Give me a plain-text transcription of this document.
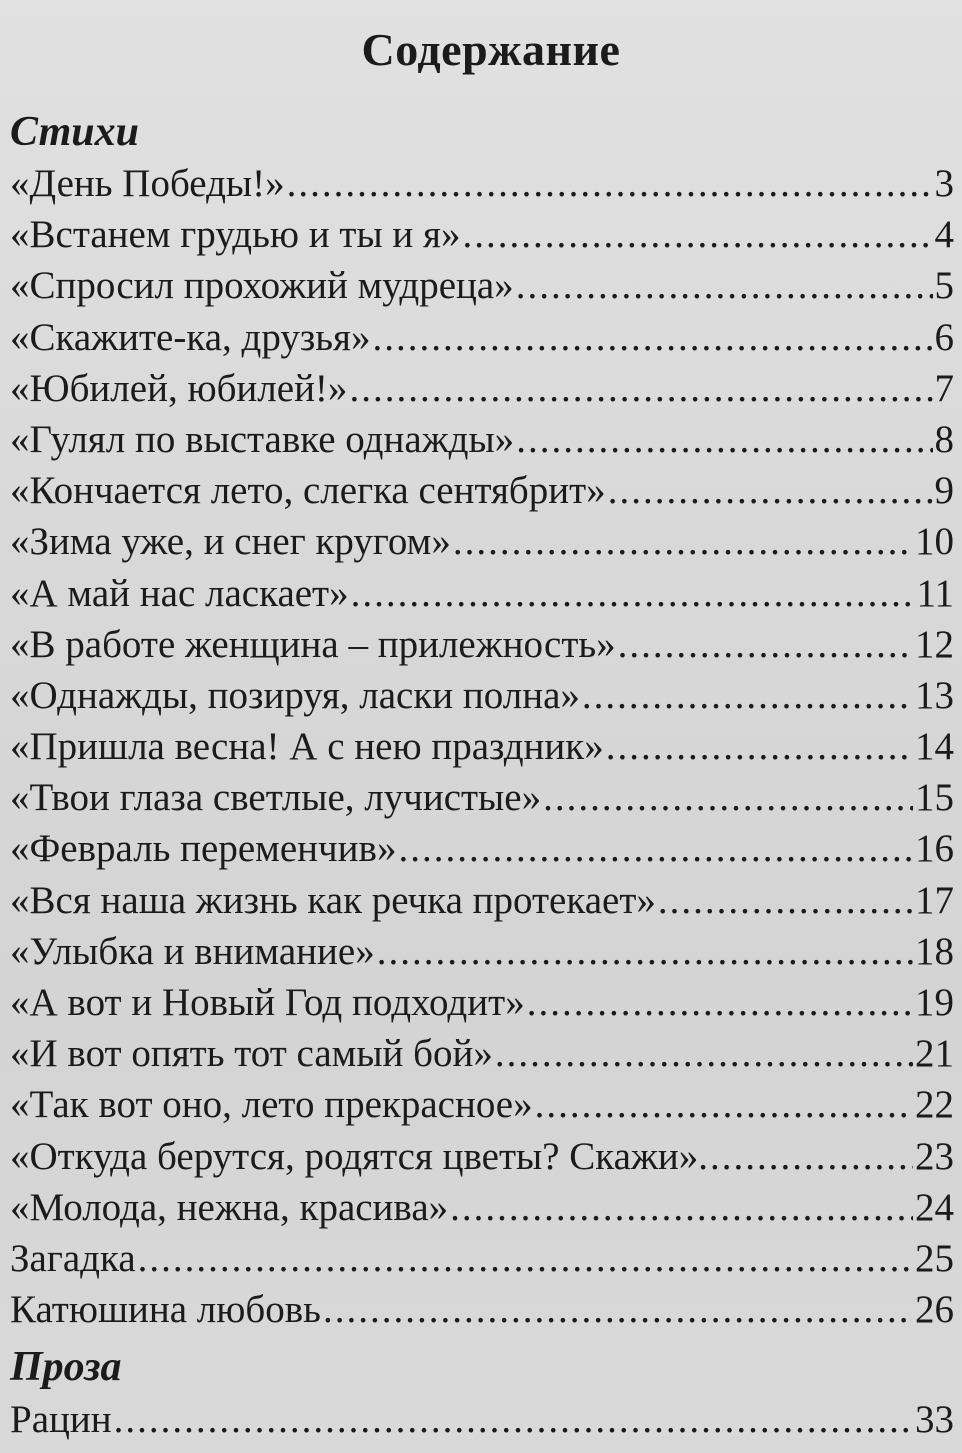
Содержание
Стихи
«День Победы!» .....	3
«Встанем грудью и ты и я» .....	4
«Спросил прохожий мудреца» .....	5
«Скажите-ка, друзья» .....	6
«Юбилей, юбилей!» .....	7
«Гулял по выставке однажды» .....	8
«Кончается лето, слегка сентябрит» .....	9
«Зима уже, и снег кругом» .....	10
«А май нас ласкает» .....	11
«В работе женщина – прилежность» .....	12
«Однажды, позируя, ласки полна» .....	13
«Пришла весна! А с нею праздник» .....	14
«Твои глаза светлые, лучистые» .....	15
«Февраль переменчив» .....	16
«Вся наша жизнь как речка протекает» .....	17
«Улыбка и внимание» .....	18
«А вот и Новый Год подходит» .....	19
«И вот опять тот самый бой» .....	21
«Так вот оно, лето прекрасное» .....	22
«Откуда берутся, родятся цветы? Скажи». .....	23
«Молода, нежна, красива» .....	24
Загадка .....	25
Катюшина любовь .....	26
Проза
Рацин .....	33
